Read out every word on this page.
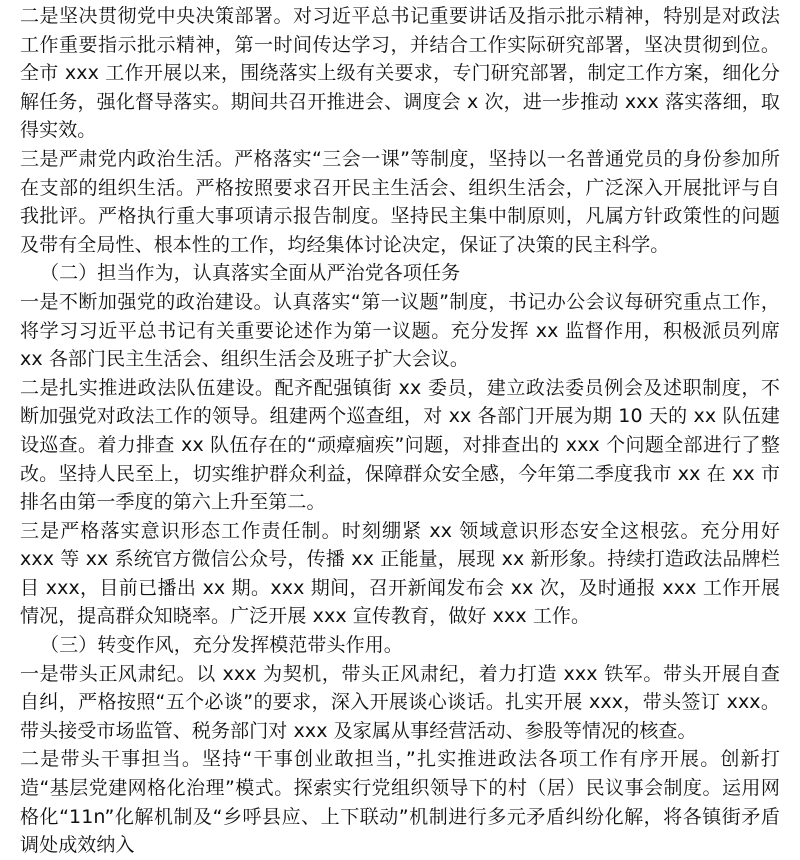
二是坚决贯彻党中央决策部署。对习近平总书记重要讲话及指示批示精神，特别是对政法工作重要指示批示精神，第一时间传达学习，并结合工作实际研究部署，坚决贯彻到位。全市 xxx 工作开展以来，围绕落实上级有关要求，专门研究部署，制定工作方案，细化分解任务，强化督导落实。期间共召开推进会、调度会 x 次，进一步推动 xxx 落实落细，取得实效。

三是严肃党内政治生活。严格落实“三会一课”等制度，坚持以一名普通党员的身份参加所在支部的组织生活。严格按照要求召开民主生活会、组织生活会，广泛深入开展批评与自我批评。严格执行重大事项请示报告制度。坚持民主集中制原则，凡属方针政策性的问题及带有全局性、根本性的工作，均经集体讨论决定，保证了决策的民主科学。

（二）担当作为，认真落实全面从严治党各项任务

一是不断加强党的政治建设。认真落实“第一议题”制度，书记办公会议每研究重点工作，将学习习近平总书记有关重要论述作为第一议题。充分发挥 xx 监督作用，积极派员列席 xx 各部门民主生活会、组织生活会及班子扩大会议。

二是扎实推进政法队伍建设。配齐配强镇街 xx 委员，建立政法委员例会及述职制度，不断加强党对政法工作的领导。组建两个巡查组，对 xx 各部门开展为期 10 天的 xx 队伍建设巡查。着力排查 xx 队伍存在的“顽瘴痼疾”问题，对排查出的 xxx 个问题全部进行了整改。坚持人民至上，切实维护群众利益，保障群众安全感，今年第二季度我市 xx 在 xx 市排名由第一季度的第六上升至第二。

三是严格落实意识形态工作责任制。时刻绷紧 xx 领域意识形态安全这根弦。充分用好 xxx 等 xx 系统官方微信公众号，传播 xx 正能量，展现 xx 新形象。持续打造政法品牌栏目 xxx，目前已播出 xx 期。xxx 期间，召开新闻发布会 xx 次，及时通报 xxx 工作开展情况，提高群众知晓率。广泛开展 xxx 宣传教育，做好 xxx 工作。

（三）转变作风，充分发挥模范带头作用。

一是带头正风肃纪。以 xxx 为契机，带头正风肃纪，着力打造 xxx 铁军。带头开展自查自纠，严格按照“五个必谈”的要求，深入开展谈心谈话。扎实开展 xxx，带头签订 xxx。带头接受市场监管、税务部门对 xxx 及家属从事经营活动、参股等情况的核查。

二是带头干事担当。坚持“干事创业敢担当，”扎实推进政法各项工作有序开展。创新打造“基层党建网格化治理”模式。探索实行党组织领导下的村（居）民议事会制度。运用网格化“11n”化解机制及“乡呼县应、上下联动”机制进行多元矛盾纠纷化解，将各镇街矛盾调处成效纳入
